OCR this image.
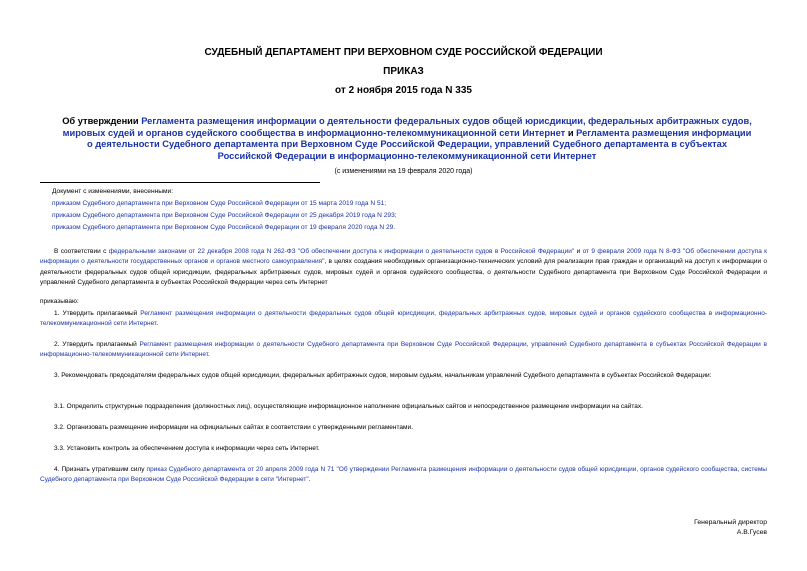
СУДЕБНЫЙ ДЕПАРТАМЕНТ ПРИ ВЕРХОВНОМ СУДЕ РОССИЙСКОЙ ФЕДЕРАЦИИ
ПРИКАЗ
от 2 ноября 2015 года N 335
Об утверждении Регламента размещения информации о деятельности федеральных судов общей юрисдикции, федеральных арбитражных судов, мировых судей и органов судейского сообщества в информационно-телекоммуникационной сети Интернет и Регламента размещения информации о деятельности Судебного департамента при Верховном Суде Российской Федерации, управлений Судебного департамента в субъектах Российской Федерации в информационно-телекоммуникационной сети Интернет
(с изменениями на 19 февраля 2020 года)
Документ с изменениями, внесенными:
приказом Судебного департамента при Верховном Суде Российской Федерации от 15 марта 2019 года N 51;
приказом Судебного департамента при Верховном Суде Российской Федерации от 25 декабря 2019 года N 293;
приказом Судебного департамента при Верховном Суде Российской Федерации от 19 февраля 2020 года N 29.
В соответствии с федеральными законами от 22 декабря 2008 года N 262-ФЗ "Об обеспечении доступа к информации о деятельности судов в Российской Федерации" и от 9 февраля 2009 года N 8-ФЗ "Об обеспечении доступа к информации о деятельности государственных органов и органов местного самоуправления", в целях создания необходимых организационно-технических условий для реализации прав граждан и организаций на доступ к информации о деятельности федеральных судов общей юрисдикции, федеральных арбитражных судов, мировых судей и органов судейского сообщества, о деятельности Судебного департамента при Верховном Суде Российской Федерации и управлений Судебного департамента в субъектах Российской Федерации через сеть Интернет
приказываю:
1. Утвердить прилагаемый Регламент размещения информации о деятельности федеральных судов общей юрисдикции, федеральных арбитражных судов, мировых судей и органов судейского сообщества в информационно-телекоммуникационной сети Интернет.
2. Утвердить прилагаемый Регламент размещения информации о деятельности Судебного департамента при Верховном Суде Российской Федерации, управлений Судебного департамента в субъектах Российской Федерации в информационно-телекоммуникационной сети Интернет.
3. Рекомендовать председателям федеральных судов общей юрисдикции, федеральных арбитражных судов, мировым судьям, начальникам управлений Судебного департамента в субъектах Российской Федерации:
3.1. Определить структурные подразделения (должностных лиц), осуществляющие информационное наполнение официальных сайтов и непосредственное размещение информации на сайтах.
3.2. Организовать размещение информации на официальных сайтах в соответствии с утвержденными регламентами.
3.3. Установить контроль за обеспечением доступа к информации через сеть Интернет.
4. Признать утратившим силу приказ Судебного департамента от 20 апреля 2009 года N 71 "Об утверждении Регламента размещения информации о деятельности судов общей юрисдикции, органов судейского сообщества, системы Судебного департамента при Верховном Суде Российской Федерации в сети "Интернет".
Генеральный директор
А.В.Гусев
